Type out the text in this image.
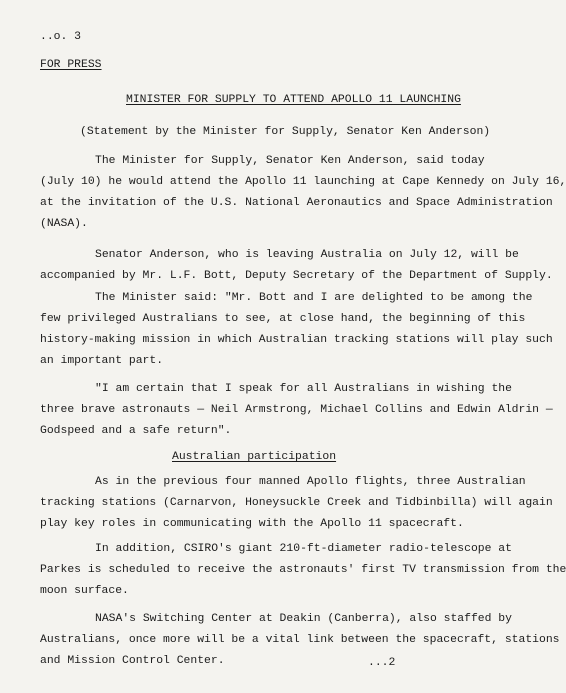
..o. 3
FOR PRESS
MINISTER FOR SUPPLY TO ATTEND APOLLO 11 LAUNCHING
(Statement by the Minister for Supply, Senator Ken Anderson)

The Minister for Supply, Senator Ken Anderson, said today

(July 10) he would attend the Apollo 11 launching at Cape Kennedy on July 16,

at the invitation of the U.S. National Aeronautics and Space Administration

(NASA).

Senator Anderson, who is leaving Australia on July 12, will be

accompanied by Mr. L.F. Bott, Deputy Secretary of the Department of Supply.

The Minister said: "Mr. Bott and I are delighted to be among the

few privileged Australians to see, at close hand, the beginning of this

history-making mission in which Australian tracking stations will play such

an important part.

"I am certain that I speak for all Australians in wishing the

three brave astronauts — Neil Armstrong, Michael Collins and Edwin Aldrin —

Godspeed and a safe return".

Australian participation

As in the previous four manned Apollo flights, three Australian

tracking stations (Carnarvon, Honeysuckle Creek and Tidbinbilla) will again

play key roles in communicating with the Apollo 11 spacecraft.

In addition, CSIRO's giant 210-ft-diameter radio-telescope at

Parkes is scheduled to receive the astronauts' first TV transmission from the

moon surface.

NASA's Switching Center at Deakin (Canberra), also staffed by

Australians, once more will be a vital link between the spacecraft, stations

and Mission Control Center.	...2
